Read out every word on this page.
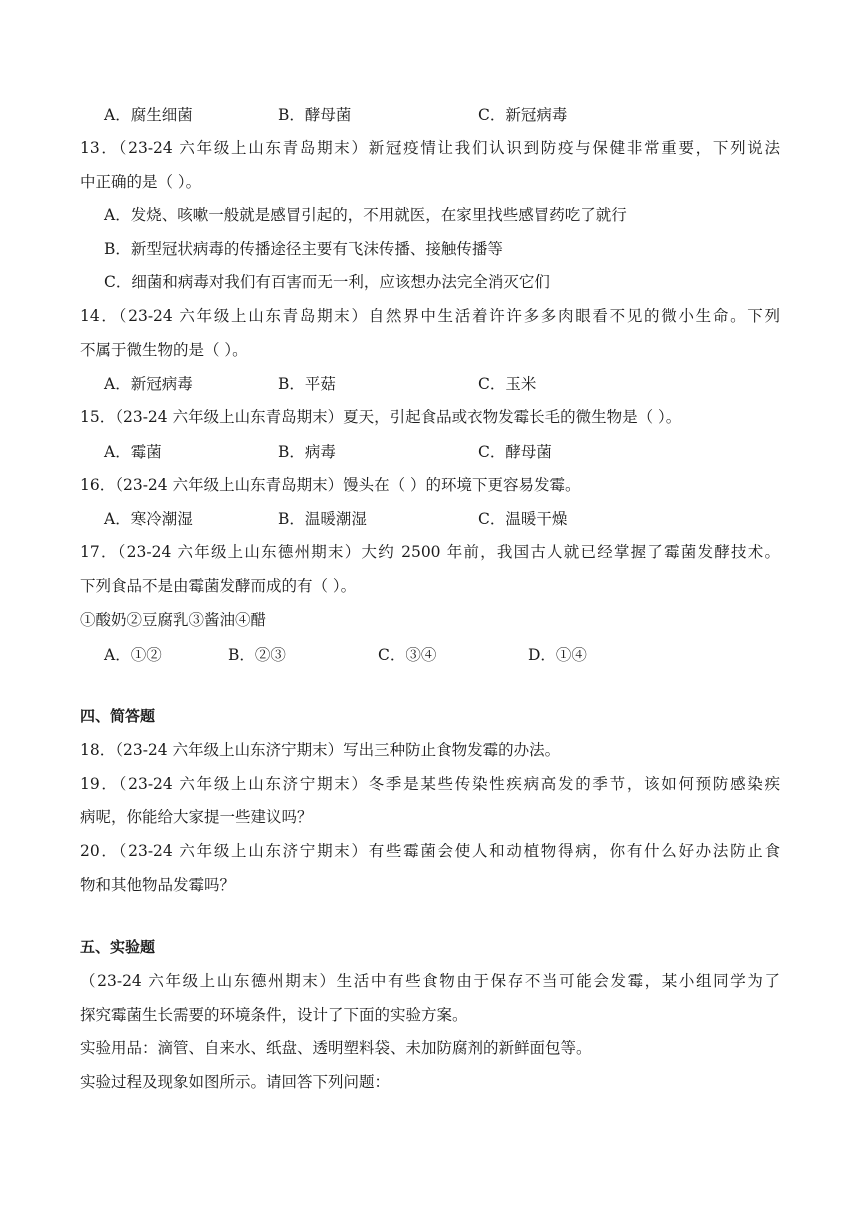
A．腐生细菌	B．酵母菌	C．新冠病毒
13．（23-24 六年级上山东青岛期末）新冠疫情让我们认识到防疫与保健非常重要，下列说法
中正确的是（ ）。
A．发烧、咳嗽一般就是感冒引起的，不用就医，在家里找些感冒药吃了就行
B．新型冠状病毒的传播途径主要有飞沫传播、接触传播等
C．细菌和病毒对我们有百害而无一利，应该想办法完全消灭它们
14．（23-24 六年级上山东青岛期末）自然界中生活着许许多多肉眼看不见的微小生命。下列
不属于微生物的是（ ）。
A．新冠病毒	B．平菇	C．玉米
15．（23-24 六年级上山东青岛期末）夏天，引起食品或衣物发霉长毛的微生物是（ ）。
A．霉菌	B．病毒	C．酵母菌
16．（23-24 六年级上山东青岛期末）馒头在（ ）的环境下更容易发霉。
A．寒冷潮湿	B．温暖潮湿	C．温暖干燥
17．（23-24 六年级上山东德州期末）大约 2500 年前，我国古人就已经掌握了霉菌发酵技术。
下列食品不是由霉菌发酵而成的有（ ）。
①酸奶②豆腐乳③酱油④醋
A．①②	B．②③	C．③④	D．①④
四、简答题
18．（23-24 六年级上山东济宁期末）写出三种防止食物发霉的办法。
19．（23-24 六年级上山东济宁期末）冬季是某些传染性疾病高发的季节，该如何预防感染疾
病呢，你能给大家提一些建议吗？
20．（23-24 六年级上山东济宁期末）有些霉菌会使人和动植物得病，你有什么好办法防止食
物和其他物品发霉吗？
五、实验题
（23-24 六年级上山东德州期末）生活中有些食物由于保存不当可能会发霉，某小组同学为了
探究霉菌生长需要的环境条件，设计了下面的实验方案。
实验用品：滴管、自来水、纸盘、透明塑料袋、未加防腐剂的新鲜面包等。
实验过程及现象如图所示。请回答下列问题：
